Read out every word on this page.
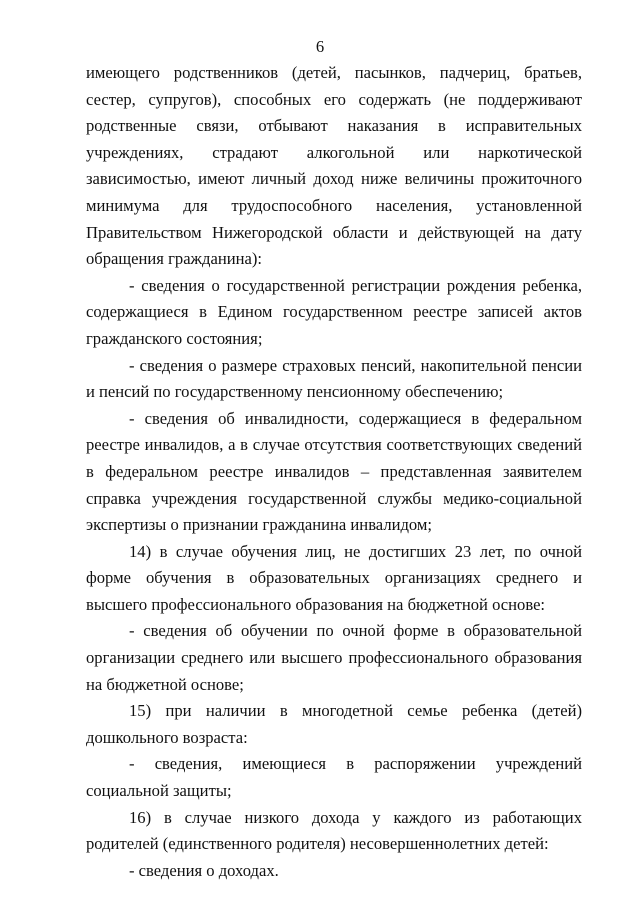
6

имеющего родственников (детей, пасынков, падчериц, братьев, сестер, супругов), способных его содержать (не поддерживают родственные связи, отбывают наказания в исправительных учреждениях, страдают алкогольной или наркотической зависимостью, имеют личный доход ниже величины прожиточного минимума для трудоспособного населения, установленной Правительством Нижегородской области и действующей на дату обращения гражданина):

- сведения о государственной регистрации рождения ребенка, содержащиеся в Едином государственном реестре записей актов гражданского состояния;

- сведения о размере страховых пенсий, накопительной пенсии и пенсий по государственному пенсионному обеспечению;

- сведения об инвалидности, содержащиеся в федеральном реестре инвалидов, а в случае отсутствия соответствующих сведений в федеральном реестре инвалидов – представленная заявителем справка учреждения государственной службы медико-социальной экспертизы о признании гражданина инвалидом;

14) в случае обучения лиц, не достигших 23 лет, по очной форме обучения в образовательных организациях среднего и высшего профессионального образования на бюджетной основе:

- сведения об обучении по очной форме в образовательной организации среднего или высшего профессионального образования на бюджетной основе;

15) при наличии в многодетной семье ребенка (детей) дошкольного возраста:

- сведения, имеющиеся в распоряжении учреждений социальной защиты;

16) в случае низкого дохода у каждого из работающих родителей (единственного родителя) несовершеннолетних детей:

- сведения о доходах.
